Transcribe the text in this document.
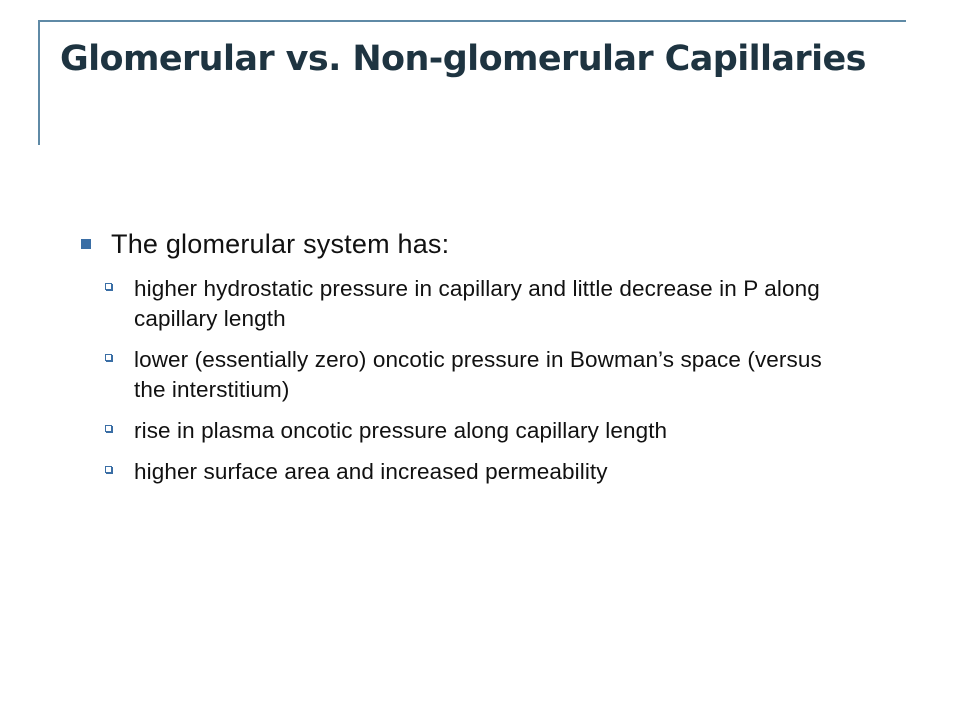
Glomerular vs. Non-glomerular Capillaries
The glomerular system has:
higher hydrostatic pressure in capillary and little decrease in P along capillary length
lower (essentially zero) oncotic pressure in Bowman’s space (versus the interstitium)
rise in plasma oncotic pressure along capillary length
higher surface area and increased permeability
